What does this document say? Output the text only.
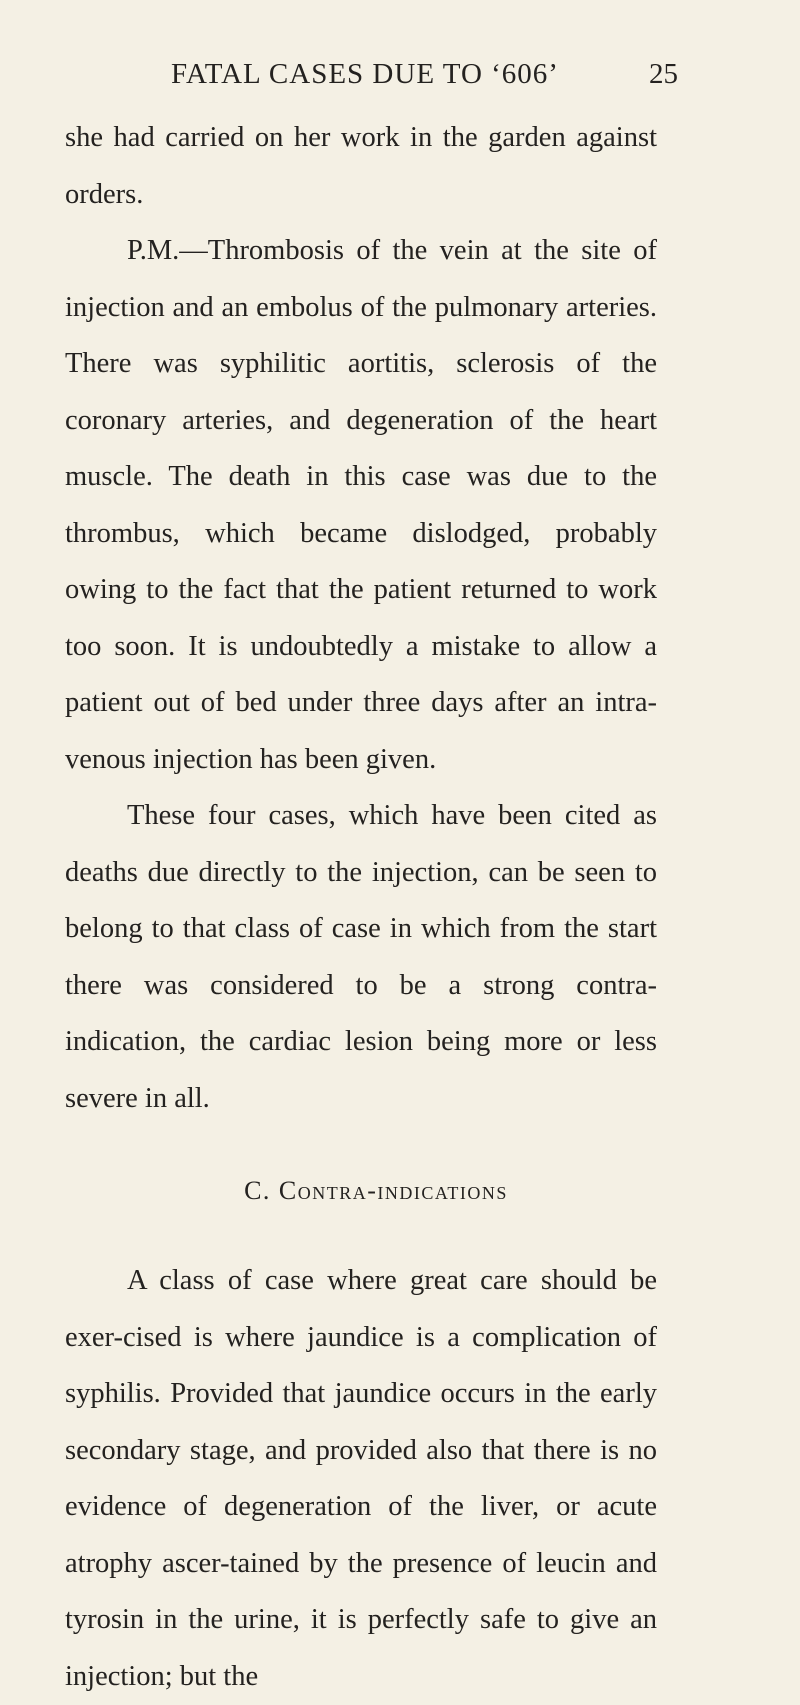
FATAL CASES DUE TO ‘606’	25

she had carried on her work in the garden against orders.

P.M.—Thrombosis of the vein at the site of injection and an embolus of the pulmonary arteries. There was syphilitic aortitis, sclerosis of the coronary arteries, and degeneration of the heart muscle. The death in this case was due to the thrombus, which became dislodged, probably owing to the fact that the patient returned to work too soon. It is undoubtedly a mistake to allow a patient out of bed under three days after an intra-venous injection has been given.

These four cases, which have been cited as deaths due directly to the injection, can be seen to belong to that class of case in which from the start there was considered to be a strong contra-indication, the cardiac lesion being more or less severe in all.

C. Contra-indications

A class of case where great care should be exer-cised is where jaundice is a complication of syphilis. Provided that jaundice occurs in the early secondary stage, and provided also that there is no evidence of degeneration of the liver, or acute atrophy ascer-tained by the presence of leucin and tyrosin in the urine, it is perfectly safe to give an injection; but the
